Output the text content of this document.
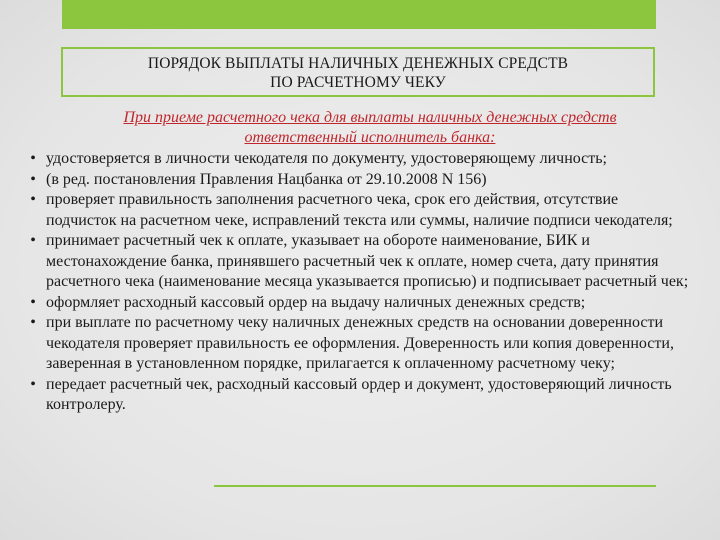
ПОРЯДОК ВЫПЛАТЫ НАЛИЧНЫХ ДЕНЕЖНЫХ СРЕДСТВ
ПО РАСЧЕТНОМУ ЧЕКУ
При приеме расчетного чека для выплаты наличных денежных средств
ответственный исполнитель банка:
• удостоверяется в личности чекодателя по документу, удостоверяющему личность;
• (в ред. постановления Правления Нацбанка от 29.10.2008 N 156)
• проверяет правильность заполнения расчетного чека, срок его действия, отсутствие подчисток на расчетном чеке, исправлений текста или суммы, наличие подписи чекодателя;
• принимает расчетный чек к оплате, указывает на обороте наименование, БИК и местонахождение банка, принявшего расчетный чек к оплате, номер счета, дату принятия расчетного чека (наименование месяца указывается прописью) и подписывает расчетный чек;
• оформляет расходный кассовый ордер на выдачу наличных денежных средств;
• при выплате по расчетному чеку наличных денежных средств на основании доверенности чекодателя проверяет правильность ее оформления. Доверенность или копия доверенности, заверенная в установленном порядке, прилагается к оплаченному расчетному чеку;
• передает расчетный чек, расходный кассовый ордер и документ, удостоверяющий личность контролеру.
